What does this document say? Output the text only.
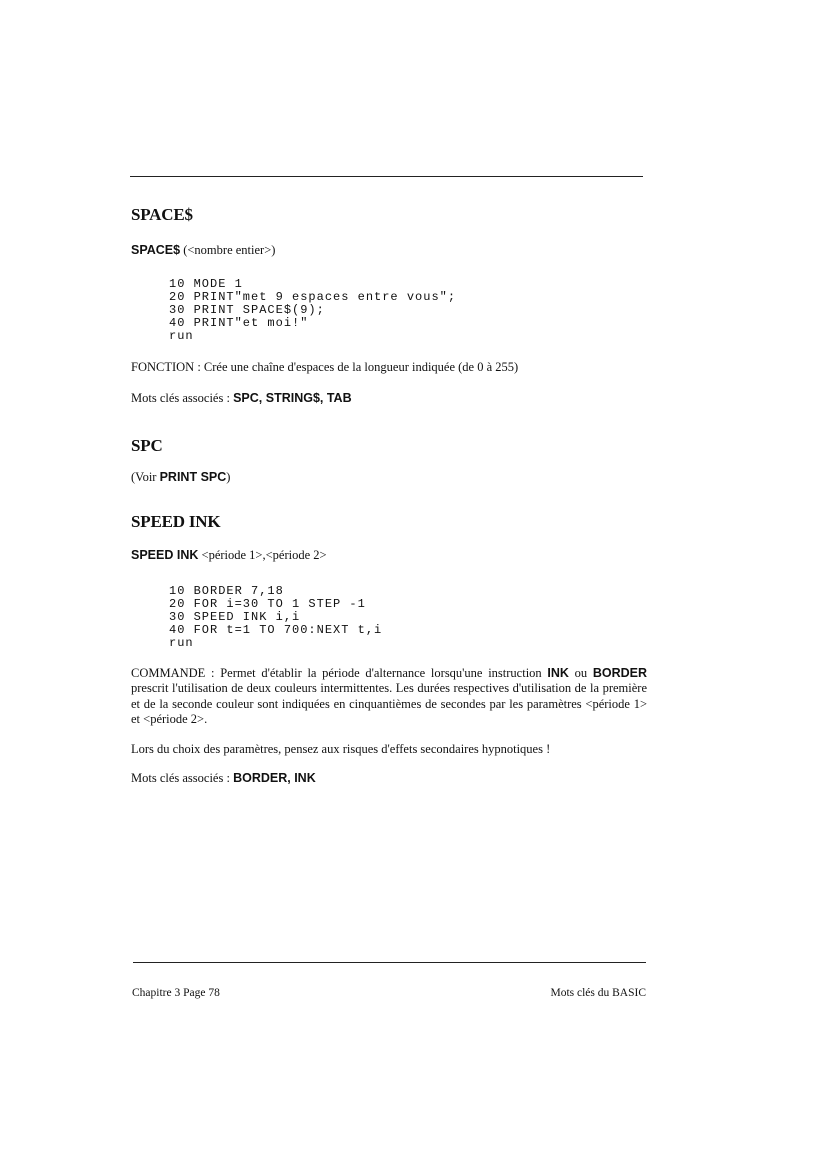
SPACE$

SPACE$ (<nombre entier>)

10 MODE 1
20 PRINT"met 9 espaces entre vous";
30 PRINT SPACE$(9);
40 PRINT"et moi!"
run

FONCTION : Crée une chaîne d'espaces de la longueur indiquée (de 0 à 255)

Mots clés associés : SPC, STRING$, TAB

SPC

(Voir PRINT SPC)

SPEED INK

SPEED INK <période 1>,<période 2>

10 BORDER 7,18
20 FOR i=30 TO 1 STEP -1
30 SPEED INK i,i
40 FOR t=1 TO 700:NEXT t,i
run

COMMANDE : Permet d'établir la période d'alternance lorsqu'une instruction INK ou BORDER prescrit l'utilisation de deux couleurs intermittentes. Les durées respectives d'utilisation de la première et de la seconde couleur sont indiquées en cinquantièmes de secondes par les paramètres <période 1> et <période 2>.

Lors du choix des paramètres, pensez aux risques d'effets secondaires hypnotiques !

Mots clés associés : BORDER, INK

Chapitre 3 Page 78	Mots clés du BASIC
